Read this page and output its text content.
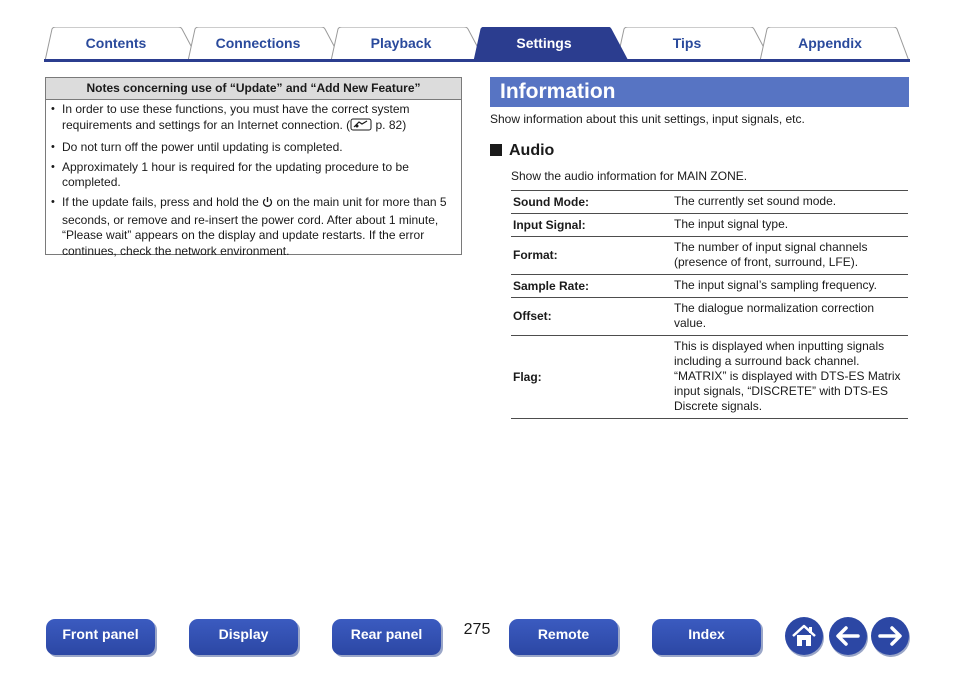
Contents	Connections	Playback	Settings	Tips	Appendix
Notes concerning use of “Update” and “Add New Feature”
• In order to use these functions, you must have the correct system requirements and settings for an Internet connection. ( p. 82)
• Do not turn off the power until updating is completed.
• Approximately 1 hour is required for the updating procedure to be completed.
• If the update fails, press and hold the  on the main unit for more than 5 seconds, or remove and re-insert the power cord. After about 1 minute, “Please wait” appears on the display and update restarts. If the error continues, check the network environment.
Information
Show information about this unit settings, input signals, etc.
Audio
Show the audio information for MAIN ZONE.
Sound Mode:	The currently set sound mode.
Input Signal:	The input signal type.
Format:	The number of input signal channels (presence of front, surround, LFE).
Sample Rate:	The input signal’s sampling frequency.
Offset:	The dialogue normalization correction value.
Flag:	This is displayed when inputting signals including a surround back channel. “MATRIX” is displayed with DTS-ES Matrix input signals, “DISCRETE” with DTS-ES Discrete signals.
Front panel	Display	Rear panel	275	Remote	Index
